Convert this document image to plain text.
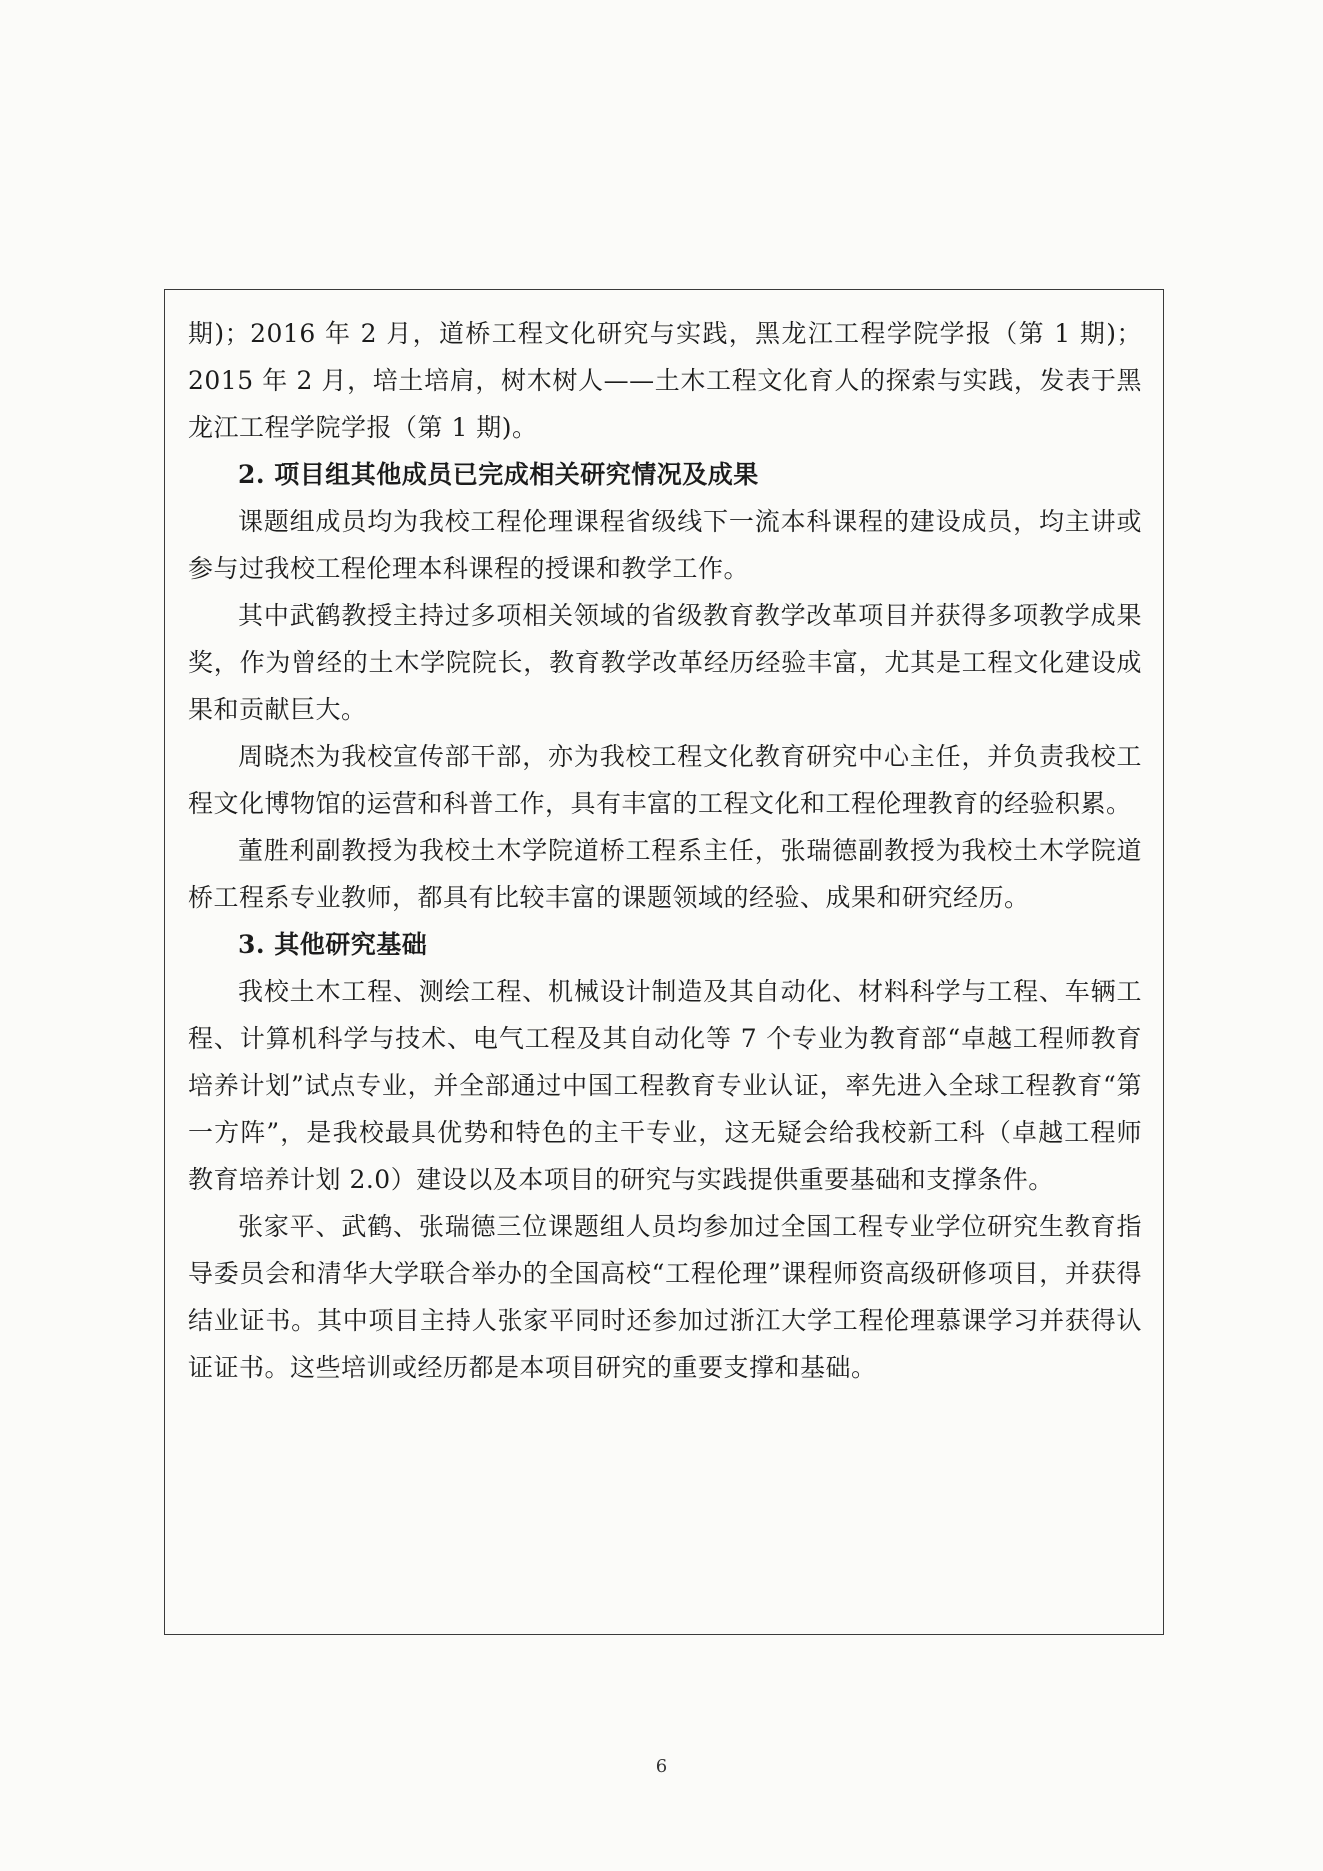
期)；2016 年 2 月，道桥工程文化研究与实践，黑龙江工程学院学报（第 1 期)；2015 年 2 月，培土培肩，树木树人——土木工程文化育人的探索与实践，发表于黑龙江工程学院学报（第 1 期)。

2. 项目组其他成员已完成相关研究情况及成果

课题组成员均为我校工程伦理课程省级线下一流本科课程的建设成员，均主讲或参与过我校工程伦理本科课程的授课和教学工作。

其中武鹤教授主持过多项相关领域的省级教育教学改革项目并获得多项教学成果奖，作为曾经的土木学院院长，教育教学改革经历经验丰富，尤其是工程文化建设成果和贡献巨大。

周晓杰为我校宣传部干部，亦为我校工程文化教育研究中心主任，并负责我校工程文化博物馆的运营和科普工作，具有丰富的工程文化和工程伦理教育的经验积累。

董胜利副教授为我校土木学院道桥工程系主任，张瑞德副教授为我校土木学院道桥工程系专业教师，都具有比较丰富的课题领域的经验、成果和研究经历。

3. 其他研究基础

我校土木工程、测绘工程、机械设计制造及其自动化、材料科学与工程、车辆工程、计算机科学与技术、电气工程及其自动化等 7 个专业为教育部“卓越工程师教育培养计划”试点专业，并全部通过中国工程教育专业认证，率先进入全球工程教育“第一方阵”，是我校最具优势和特色的主干专业，这无疑会给我校新工科（卓越工程师教育培养计划 2.0）建设以及本项目的研究与实践提供重要基础和支撑条件。

张家平、武鹤、张瑞德三位课题组人员均参加过全国工程专业学位研究生教育指导委员会和清华大学联合举办的全国高校“工程伦理”课程师资高级研修项目，并获得结业证书。其中项目主持人张家平同时还参加过浙江大学工程伦理慕课学习并获得认证证书。这些培训或经历都是本项目研究的重要支撑和基础。

6
